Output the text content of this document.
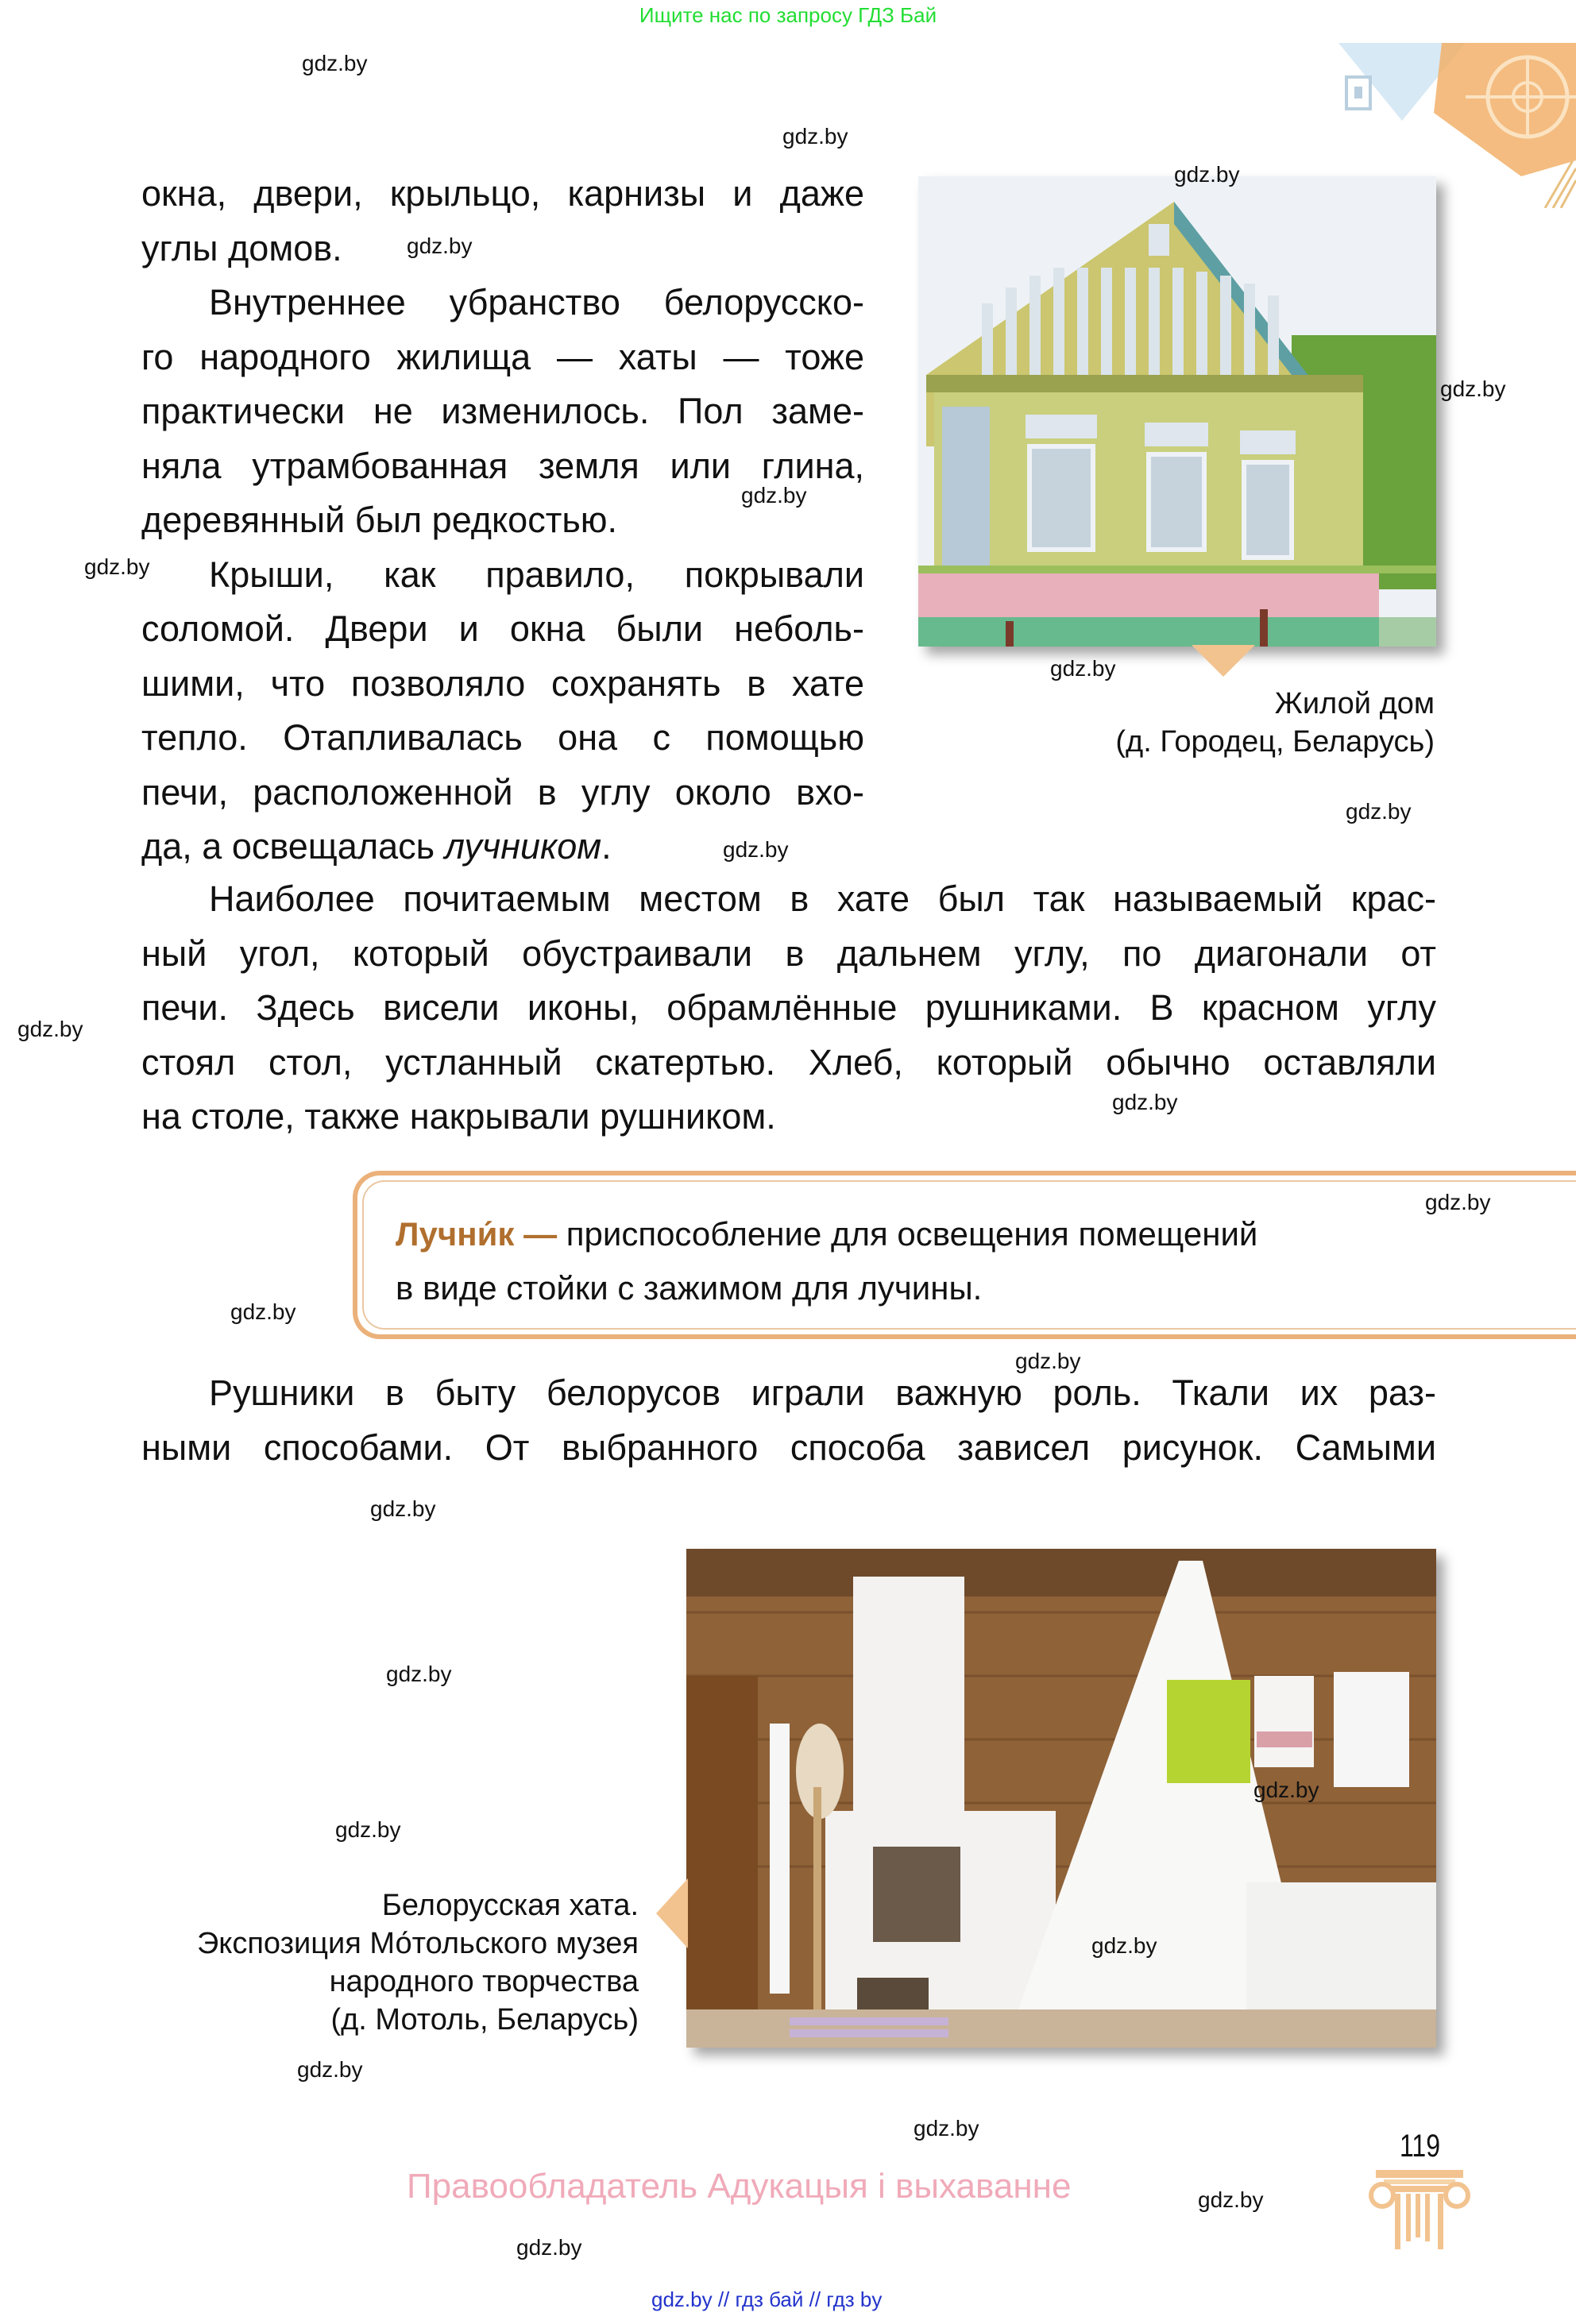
Ищите нас по запросу ГДЗ Бай
окна, двери, крыльцо, карнизы и даже
углы домов.
Внутреннее убранство белорусско-
го народного жилища — хаты — тоже
практически не изменилось. Пол заме-
няла утрамбованная земля или глина,
деревянный был редкостью.
Крыши, как правило, покрывали
соломой. Двери и окна были неболь-
шими, что позволяло сохранять в хате
тепло. Отапливалась она с помощью
печи, расположенной в углу около вхо-
да, а освещалась лучником.
Жилой дом
(д. Городец, Беларусь)
Наиболее почитаемым местом в хате был так называемый крас-
ный угол, который обустраивали в дальнем углу, по диагонали от
печи. Здесь висели иконы, обрамлённые рушниками. В красном углу
стоял стол, устланный скатертью. Хлеб, который обычно оставляли
на столе, также накрывали рушником.
Лучни́к — приспособление для освещения помещений
в виде стойки с зажимом для лучины.
Рушники в быту белорусов играли важную роль. Ткали их раз-
ными способами. От выбранного способа зависел рисунок. Самыми
Белорусская хата.
Экспозиция Мо́тольского музея
народного творчества
(д. Мотоль, Беларусь)
gdz.by
gdz.by
gdz.by
gdz.by
gdz.by
gdz.by
gdz.by
gdz.by
gdz.by
gdz.by
gdz.by
gdz.by
gdz.by
gdz.by
gdz.by
gdz.by
gdz.by
gdz.by
gdz.by
gdz.by
gdz.by
gdz.by
gdz.by
gdz.by
119
Правообладатель Адукацыя і выхаванне
gdz.by // гдз бай // гдз by
